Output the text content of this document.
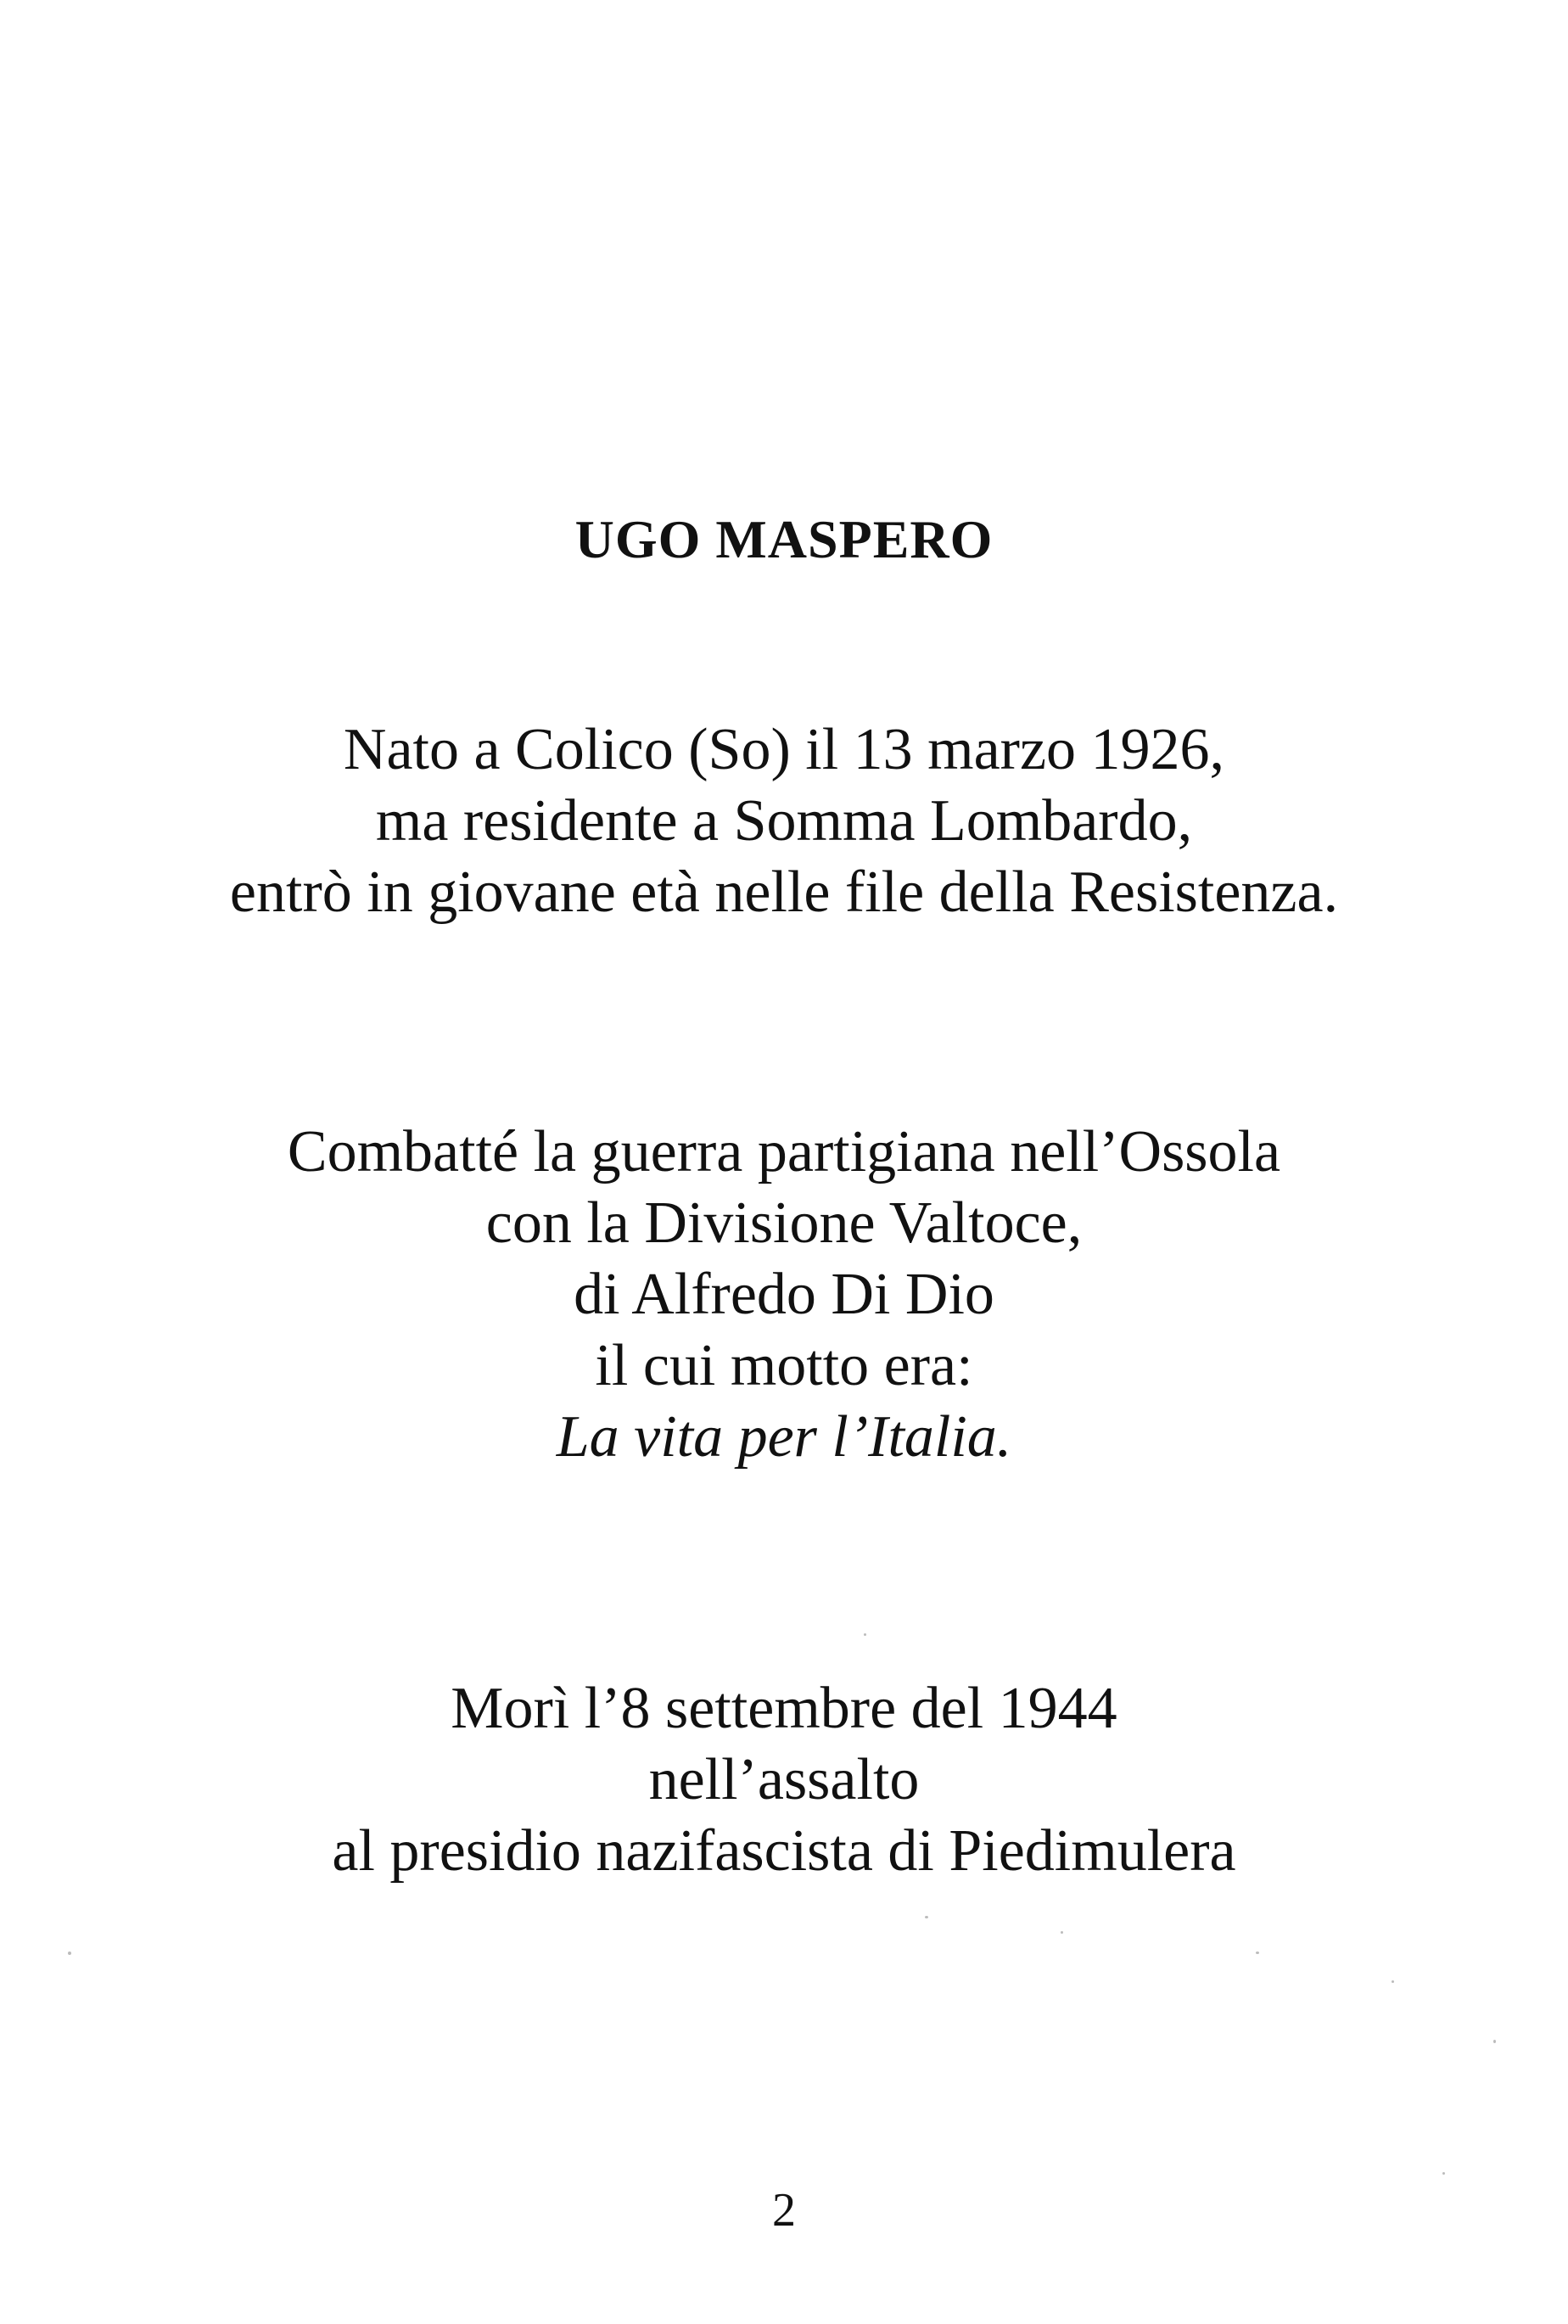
UGO MASPERO
Nato a Colico (So) il 13 marzo 1926,
ma residente a Somma Lombardo,
entrò in giovane età nelle file della Resistenza.
Combatté la guerra partigiana nell’Ossola
con la Divisione Valtoce,
di Alfredo Di Dio
il cui motto era:
La vita per l’Italia.
Morì l’8 settembre del 1944
nell’assalto
al presidio nazifascista di Piedimulera
2
